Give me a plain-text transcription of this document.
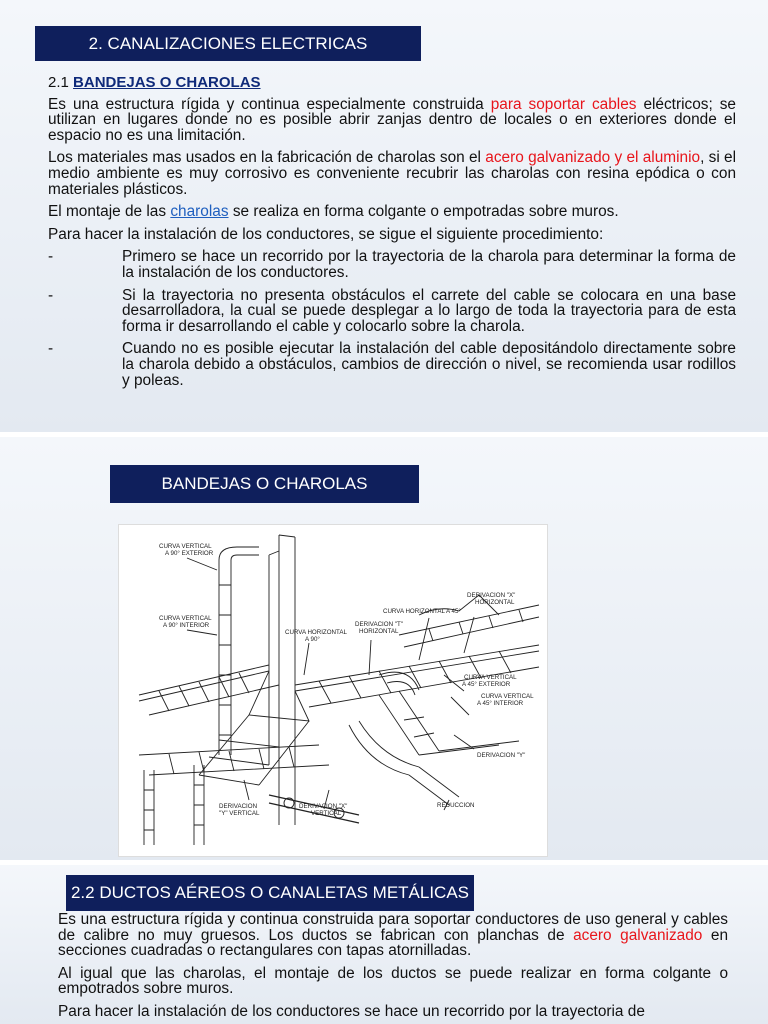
2. CANALIZACIONES ELECTRICAS

2.1 BANDEJAS O CHAROLAS

Es una estructura rígida y continua especialmente construida para soportar cables eléctricos; se utilizan en lugares donde no es posible abrir zanjas dentro de locales o en exteriores donde el espacio no es una limitación.

Los materiales mas usados en la fabricación de charolas son el acero galvanizado y el aluminio, si el medio ambiente es muy corrosivo es conveniente recubrir las charolas con resina epódica o con materiales plásticos.

El montaje de las charolas se realiza en forma colgante o empotradas sobre muros.

Para hacer la instalación de los conductores, se sigue el siguiente procedimiento:

-	Primero se hace un recorrido por la trayectoria de la charola para determinar la forma de la instalación de los conductores.
-	Si la trayectoria no presenta obstáculos el carrete del cable se colocara en una base desarrolladora, la cual se puede desplegar a lo largo de toda la trayectoria para de esta forma ir desarrollando el cable y colocarlo sobre la charola.
-	Cuando no es posible ejecutar la instalación del cable depositándolo directamente sobre la charola debido a obstáculos, cambios de dirección o nivel, se recomienda usar rodillos y poleas.
BANDEJAS O CHAROLAS
CURVA VERTICAL
A 90° EXTERIOR
CURVA VERTICAL
A 90° INTERIOR
CURVA HORIZONTAL
A 90°
DERIVACION "T"
HORIZONTAL
CURVA HORIZONTAL A 45°
DERIVACION "X"
HORIZONTAL
CURVA VERTICAL
A 45° EXTERIOR
CURVA VERTICAL
A 45° INTERIOR
DERIVACION "Y"
DERIVACION
"Y" VERTICAL
DERIVACION "X"
VERTICAL
REDUCCION
2.2 DUCTOS AÉREOS O CANALETAS METÁLICAS

Es una estructura rígida y continua construida para soportar conductores de uso general y cables de calibre no muy gruesos. Los ductos se fabrican con planchas de acero galvanizado en secciones cuadradas o rectangulares con tapas atornilladas.

Al igual que las charolas, el montaje de los ductos se puede realizar en forma colgante o empotrados sobre muros.

Para hacer la instalación de los conductores se hace un recorrido por la trayectoria de
